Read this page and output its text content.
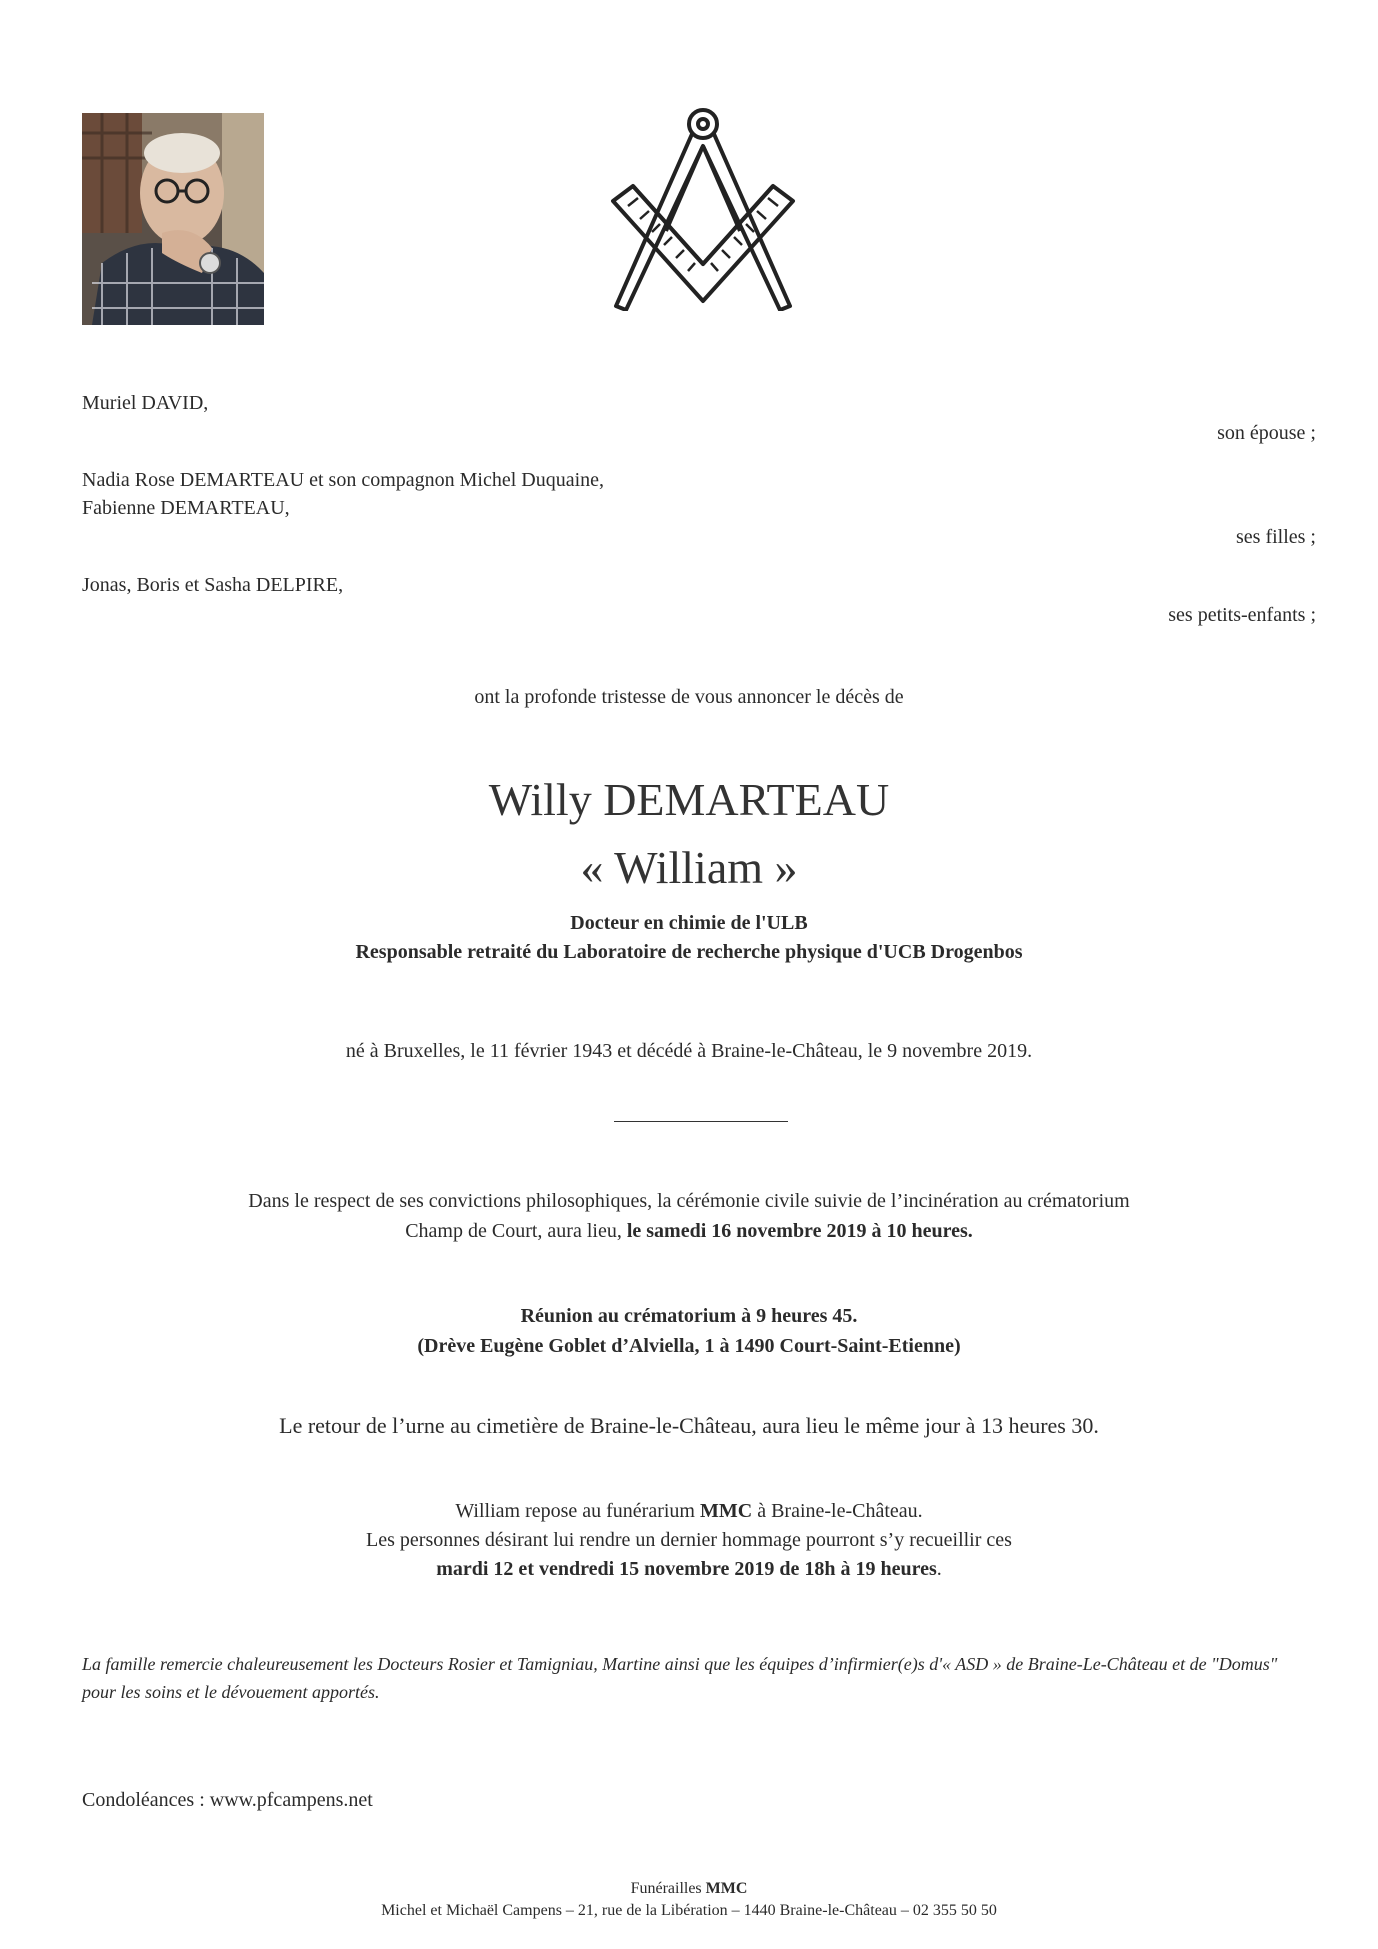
Muriel DAVID,
son épouse ;
Nadia Rose DEMARTEAU et son compagnon Michel Duquaine,
Fabienne DEMARTEAU,
ses filles ;
Jonas, Boris et Sasha DELPIRE,
ses petits-enfants ;
ont la profonde tristesse de vous annoncer le décès de
Willy DEMARTEAU
« William »
Docteur en chimie de l'ULB
Responsable retraité du Laboratoire de recherche physique d'UCB Drogenbos
né à Bruxelles, le 11 février 1943 et décédé à Braine-le-Château, le 9 novembre 2019.
Dans le respect de ses convictions philosophiques, la cérémonie civile suivie de l’incinération au crématorium
Champ de Court, aura lieu, le samedi 16 novembre 2019 à 10 heures.
Réunion au crématorium à 9 heures 45.
(Drève Eugène Goblet d’Alviella, 1 à 1490 Court-Saint-Etienne)
Le retour de l’urne au cimetière de Braine-le-Château, aura lieu le même jour à 13 heures 30.
William repose au funérarium MMC à Braine-le-Château.
Les personnes désirant lui rendre un dernier hommage pourront s’y recueillir ces
mardi 12 et vendredi 15 novembre 2019 de 18h à 19 heures.
La famille remercie chaleureusement les Docteurs Rosier et Tamigniau, Martine ainsi que les équipes d’infirmier(e)s d'« ASD » de Braine-Le-Château et de "Domus"
pour les soins et le dévouement apportés.
Condoléances : www.pfcampens.net
Funérailles MMC
Michel et Michaël Campens – 21, rue de la Libération – 1440 Braine-le-Château – 02 355 50 50
